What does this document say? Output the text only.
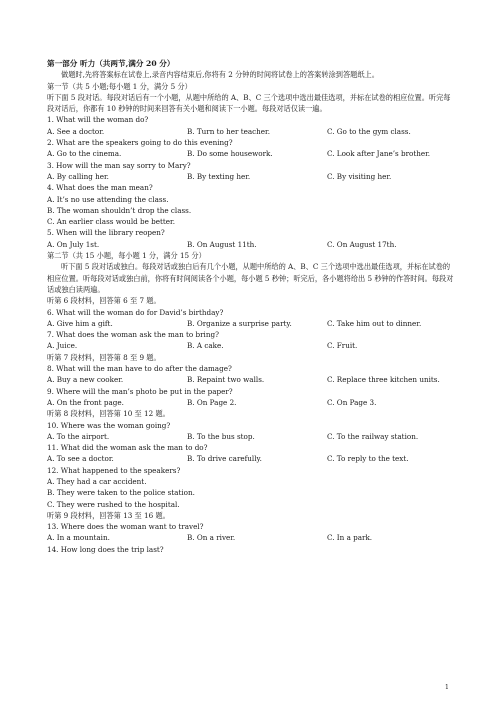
第一部分 听力（共两节,满分 20 分）
做题时,先将答案标在试卷上,录音内容结束后,你将有 2 分钟的时间将试卷上的答案转涂到答题纸上。
第一节（共 5 小题;每小题 1 分，满分 5 分）
听下面 5 段对话。每段对话后有一个小题，从题中所给的 A、B、C 三个选项中选出最佳选项，并标在试卷的相应位置。听完每段对话后，你都有 10 秒钟的时间来回答有关小题和阅读下一小题。每段对话仅读一遍。
1. What will the woman do?
A. See a doctor.	B. Turn to her teacher.	C. Go to the gym class.
2. What are the speakers going to do this evening?
A. Go to the cinema.	B. Do some housework.	C. Look after Jane’s brother.
3. How will the man say sorry to Mary?
A. By calling her.	B. By texting her.	C. By visiting her.
4. What does the man mean?
A. It’s no use attending the class.
B. The woman shouldn’t drop the class.
C. An earlier class would be better.
5. When will the library reopen?
A. On July 1st.	B. On August 11th.	C. On August 17th.
第二节（共 15 小题，每小题 1 分，满分 15 分）
听下面 5 段对话或独白。每段对话或独白后有几个小题，从题中所给的 A、B、C 三个选项中选出最佳选项，并标在试卷的相应位置。听每段对话或独白前，你将有时间阅读各个小题，每小题 5 秒钟；听完后，各小题将给出 5 秒钟的作答时间。每段对话或独白读两遍。
听第 6 段材料，回答第 6 至 7 题。
6. What will the woman do for David’s birthday?
A. Give him a gift.	B. Organize a surprise party.	C. Take him out to dinner.
7. What does the woman ask the man to bring?
A. Juice.	B. A cake.	C. Fruit.
听第 7 段材料，回答第 8 至 9 题。
8. What will the man have to do after the damage?
A. Buy a new cooker.	B. Repaint two walls.	C. Replace three kitchen units.
9. Where will the man’s photo be put in the paper?
A. On the front page.	B. On Page 2.	C. On Page 3.
听第 8 段材料，回答第 10 至 12 题。
10. Where was the woman going?
A. To the airport.	B. To the bus stop.	C. To the railway station.
11. What did the woman ask the man to do?
A. To see a doctor.	B. To drive carefully.	C. To reply to the text.
12. What happened to the speakers?
A. They had a car accident.
B. They were taken to the police station.
C. They were rushed to the hospital.
听第 9 段材料，回答第 13 至 16 题。
13. Where does the woman want to travel?
A. In a mountain.	B. On a river.	C. In a park.
14. How long does the trip last?
1
